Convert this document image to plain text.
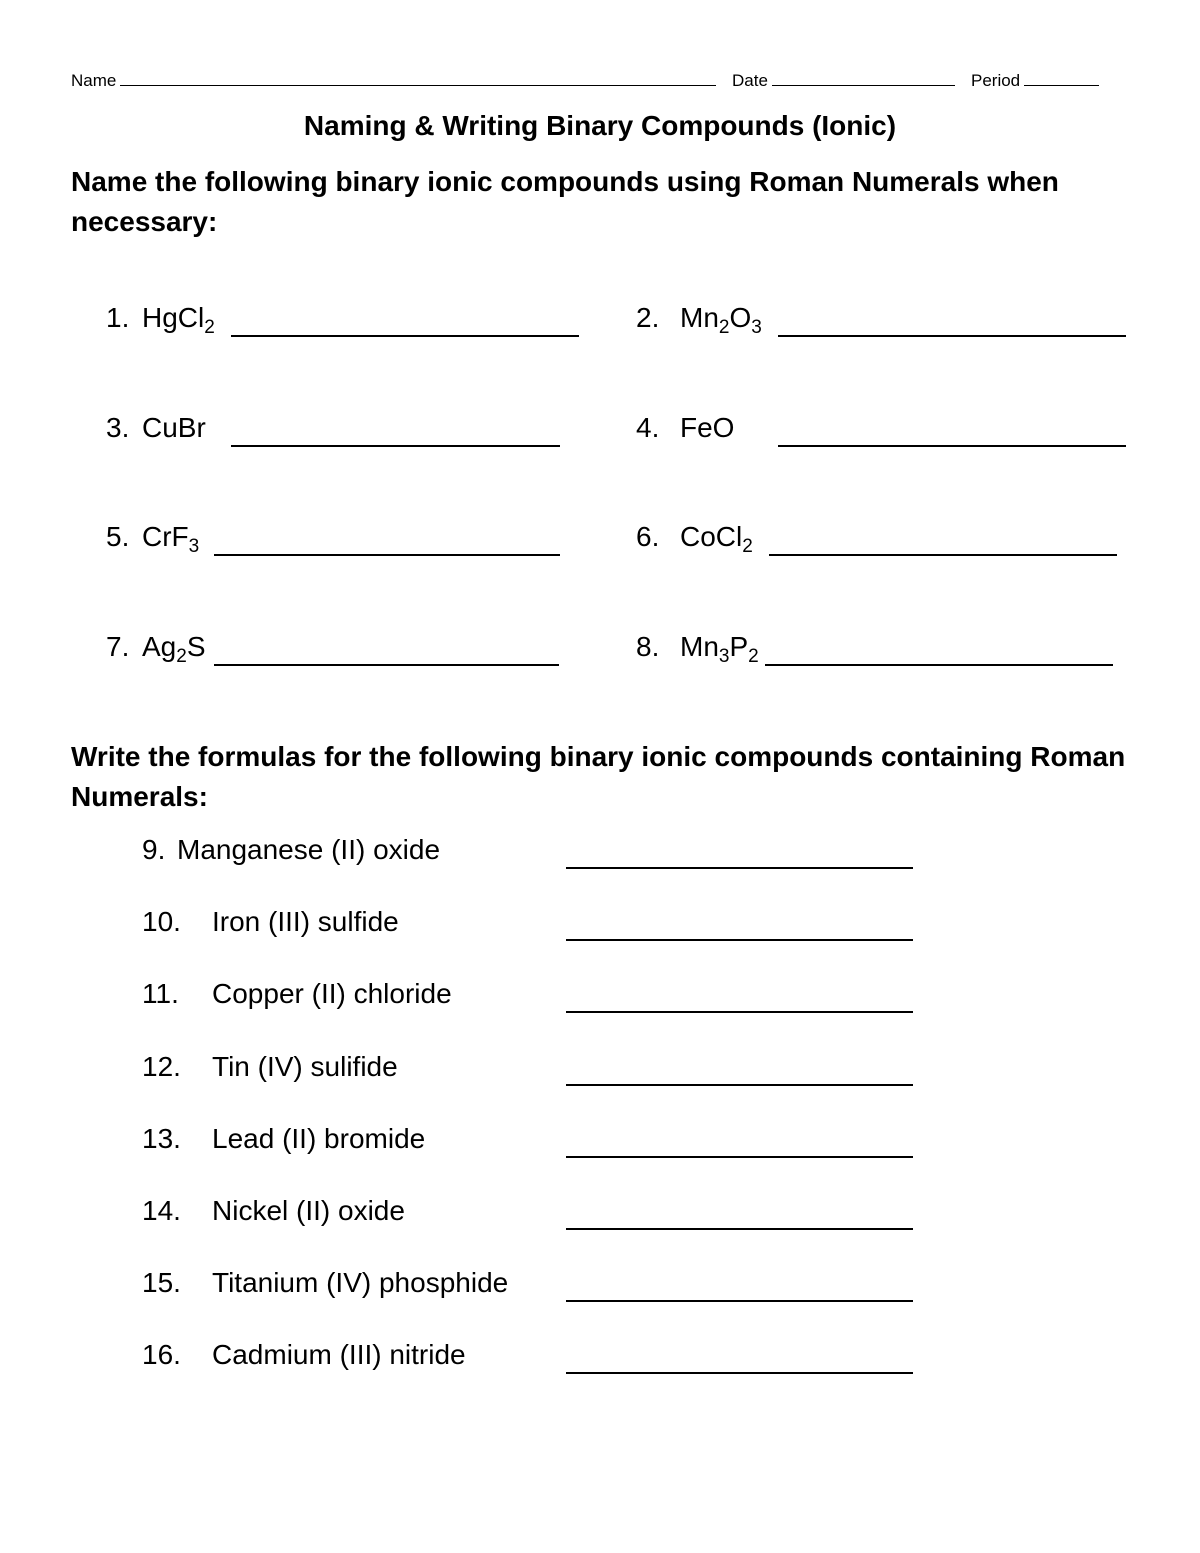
Name	Date	Period
Naming & Writing Binary Compounds (Ionic)
Name the following binary ionic compounds using Roman Numerals when necessary:
1. HgCl$_2$	2. $Mn_2O_3$
3. CuBr	4. FeO
5. CrF$_3$	6. CoCl$_2$
7. $Ag_2S$	8. $Mn_3P_2$
Write the formulas for the following binary ionic compounds containing Roman Numerals:
9. Manganese (II) oxide
10. Iron (III) sulfide
11. Copper (II) chloride
12. Tin (IV) sulifide
13. Lead (II) bromide
14. Nickel (II) oxide
15. Titanium (IV) phosphide
16. Cadmium (III) nitride
